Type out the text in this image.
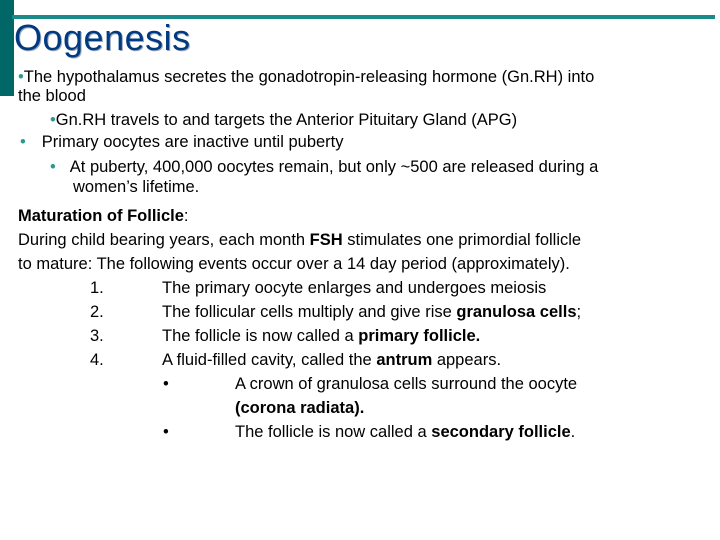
Oogenesis
•The hypothalamus secretes the gonadotropin-releasing hormone (Gn.RH) into
the blood
•Gn.RH travels to and targets the Anterior Pituitary Gland (APG)
• Primary oocytes are inactive until puberty
• At puberty, 400,000 oocytes remain, but only ~500 are released during a
women’s lifetime.
Maturation of Follicle:
During child bearing years, each month FSH stimulates one primordial follicle
to mature: The following events occur over a 14 day period (approximately).
1.	The primary oocyte enlarges and undergoes meiosis
2.	The follicular cells multiply and give rise granulosa cells;
3.	The follicle is now called a primary follicle.
4.	A fluid-filled cavity, called the antrum appears.
•	A crown of granulosa cells surround the oocyte
(corona radiata).
•	The follicle is now called a secondary follicle.
